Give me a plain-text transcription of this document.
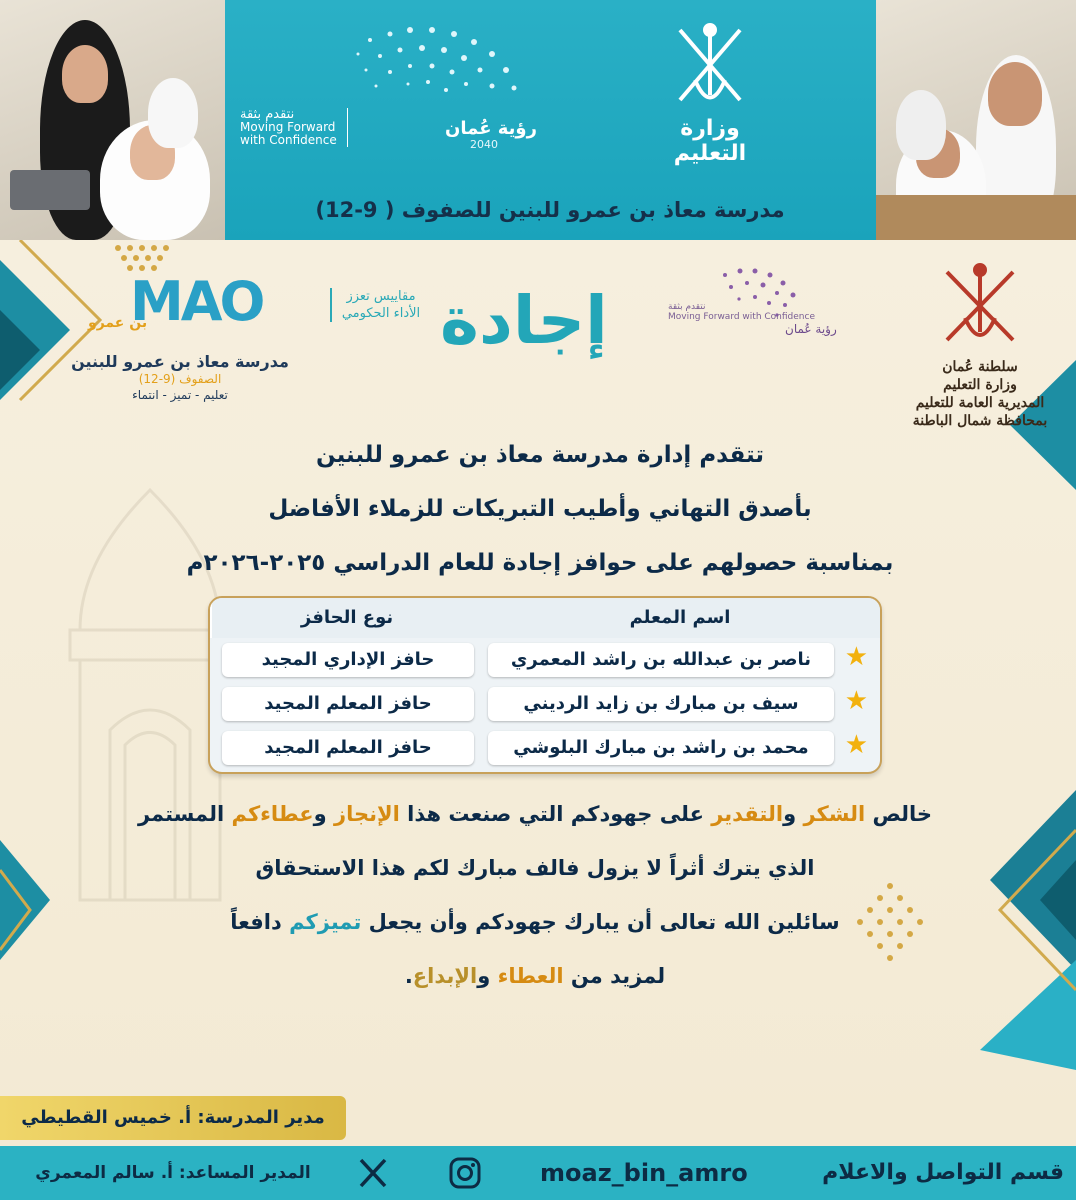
رؤية عُمان
2040
نتقدم بثقة
Moving Forward
with Confidence	وزارة التعليم
مدرسة معاذ بن عمرو للبنين للصفوف ( 9-12)
سلطنة عُمان
وزارة التعليم
المديرية العامة للتعليم
بمحافظة شمال الباطنة
رؤية عُمان
نتقدم بثقة
Moving Forward with Confidence
إجادة
مقاييس تعزز الأداء الحكومي
MAO
بن عمرو
مدرسة معاذ بن عمرو للبنين
الصفوف (9-12)
تعليم - تميز - انتماء
تتقدم إدارة مدرسة معاذ بن عمرو للبنين
بأصدق التهاني وأطيب التبريكات للزملاء الأفاضل
بمناسبة حصولهم على حوافز إجادة للعام الدراسي ٢٠٢٥-٢٠٢٦م
اسم المعلم
نوع الحافز
★
ناصر بن عبدالله بن راشد المعمري
حافز الإداري المجيد
★
سيف بن مبارك بن زايد الرديني
حافز المعلم المجيد
★
محمد بن راشد بن مبارك البلوشي
حافز المعلم المجيد
خالص الشكر والتقدير على جهودكم التي صنعت هذا الإنجاز وعطاءكم المستمر
الذي يترك أثراً لا يزول فالف مبارك لكم هذا الاستحقاق
سائلين الله تعالى أن يبارك جهودكم وأن يجعل تميزكم دافعاً
لمزيد من العطاء والإبداع.
مدير المدرسة: أ. خميس القطيطي
قسم التواصل والاعلام
moaz_bin_amro
المدير المساعد: أ. سالم المعمري
